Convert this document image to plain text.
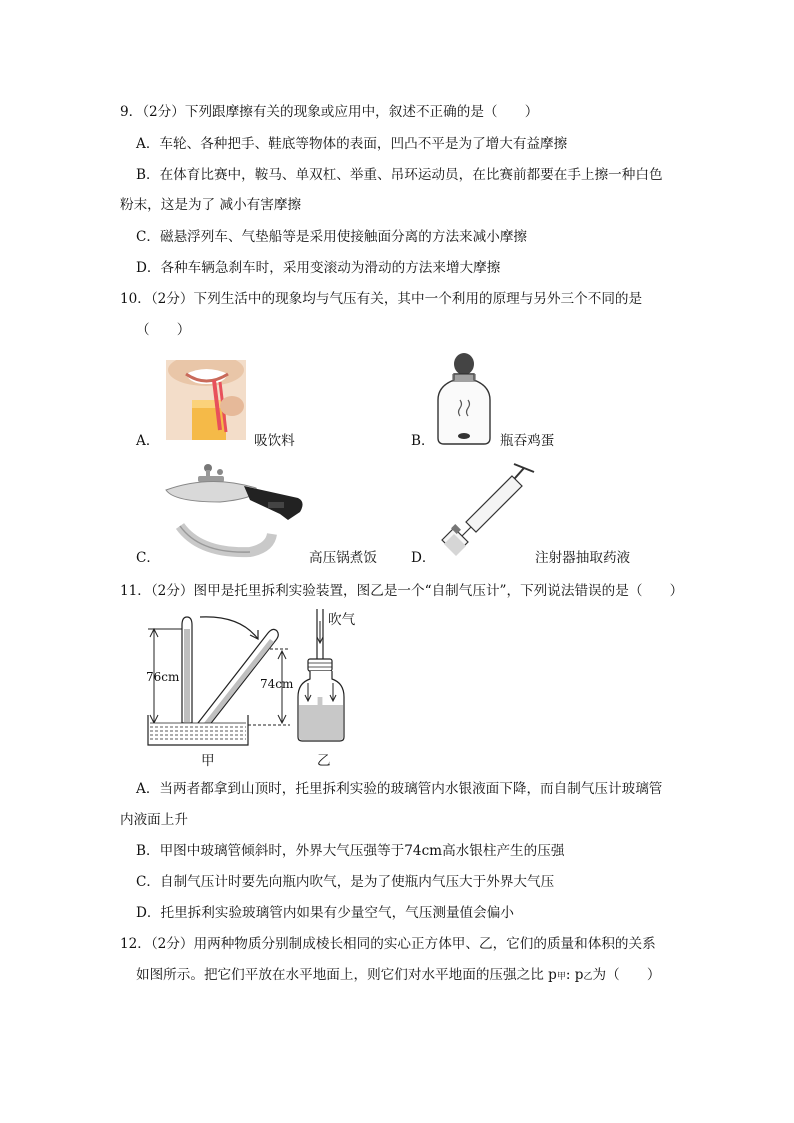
9．（2分）下列跟摩擦有关的现象或应用中，叙述不正确的是（　　）
A．车轮、各种把手、鞋底等物体的表面，凹凸不平是为了增大有益摩擦
B．在体育比赛中，鞍马、单双杠、举重、吊环运动员，在比赛前都要在手上擦一种白色
粉末，这是为了 减小有害摩擦
C．磁悬浮列车、气垫船等是采用使接触面分离的方法来减小摩擦
D．各种车辆急刹车时，采用变滚动为滑动的方法来增大摩擦
10．（2分）下列生活中的现象均与气压有关，其中一个利用的原理与另外三个不同的是
（　　）
A．	吸饮料	B．	瓶吞鸡蛋
C．	高压锅煮饭	D．	注射器抽取药液
11．（2分）图甲是托里拆利实验装置，图乙是一个“自制气压计”，下列说法错误的是（　　）
76cm	74cm
甲
吹气
乙
A．当两者都拿到山顶时，托里拆利实验的玻璃管内水银液面下降，而自制气压计玻璃管
内液面上升
B．甲图中玻璃管倾斜时，外界大气压强等于74cm高水银柱产生的压强
C．自制气压计时要先向瓶内吹气，是为了使瓶内气压大于外界大气压
D．托里拆利实验玻璃管内如果有少量空气，气压测量值会偏小
12．（2分）用两种物质分别制成棱长相同的实心正方体甲、乙，它们的质量和体积的关系
如图所示。把它们平放在水平地面上，则它们对水平地面的压强之比 p甲: p乙为（　　）
